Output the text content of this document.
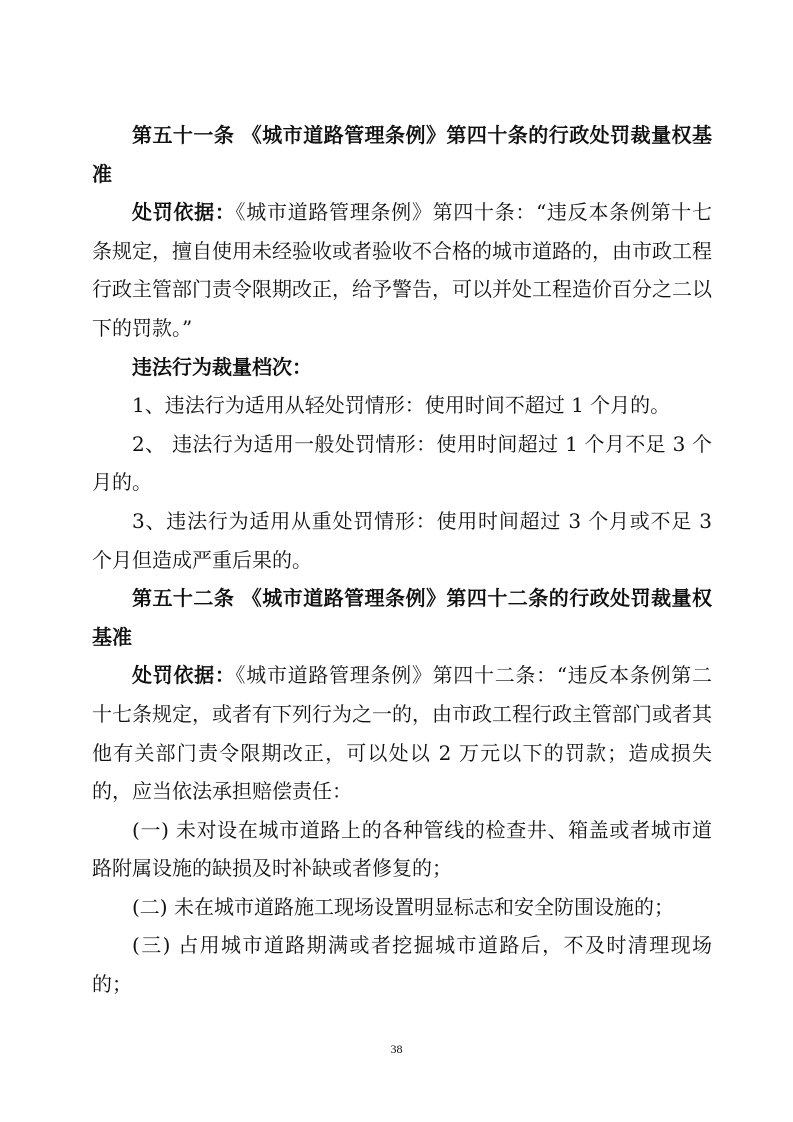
第五十一条 《城市道路管理条例》第四十条的行政处罚裁量权基准

处罚依据：《城市道路管理条例》第四十条：“违反本条例第十七条规定，擅自使用未经验收或者验收不合格的城市道路的，由市政工程行政主管部门责令限期改正，给予警告，可以并处工程造价百分之二以下的罚款。”

违法行为裁量档次：

1、违法行为适用从轻处罚情形：使用时间不超过 1 个月的。

2、 违法行为适用一般处罚情形：使用时间超过 1 个月不足 3 个月的。

3、违法行为适用从重处罚情形：使用时间超过 3 个月或不足 3 个月但造成严重后果的。

第五十二条 《城市道路管理条例》第四十二条的行政处罚裁量权基准

处罚依据：《城市道路管理条例》第四十二条：“违反本条例第二十七条规定，或者有下列行为之一的，由市政工程行政主管部门或者其他有关部门责令限期改正，可以处以 2 万元以下的罚款；造成损失的，应当依法承担赔偿责任：

(一) 未对设在城市道路上的各种管线的检查井、箱盖或者城市道路附属设施的缺损及时补缺或者修复的；

(二) 未在城市道路施工现场设置明显标志和安全防围设施的；

(三) 占用城市道路期满或者挖掘城市道路后，不及时清理现场的；

38
